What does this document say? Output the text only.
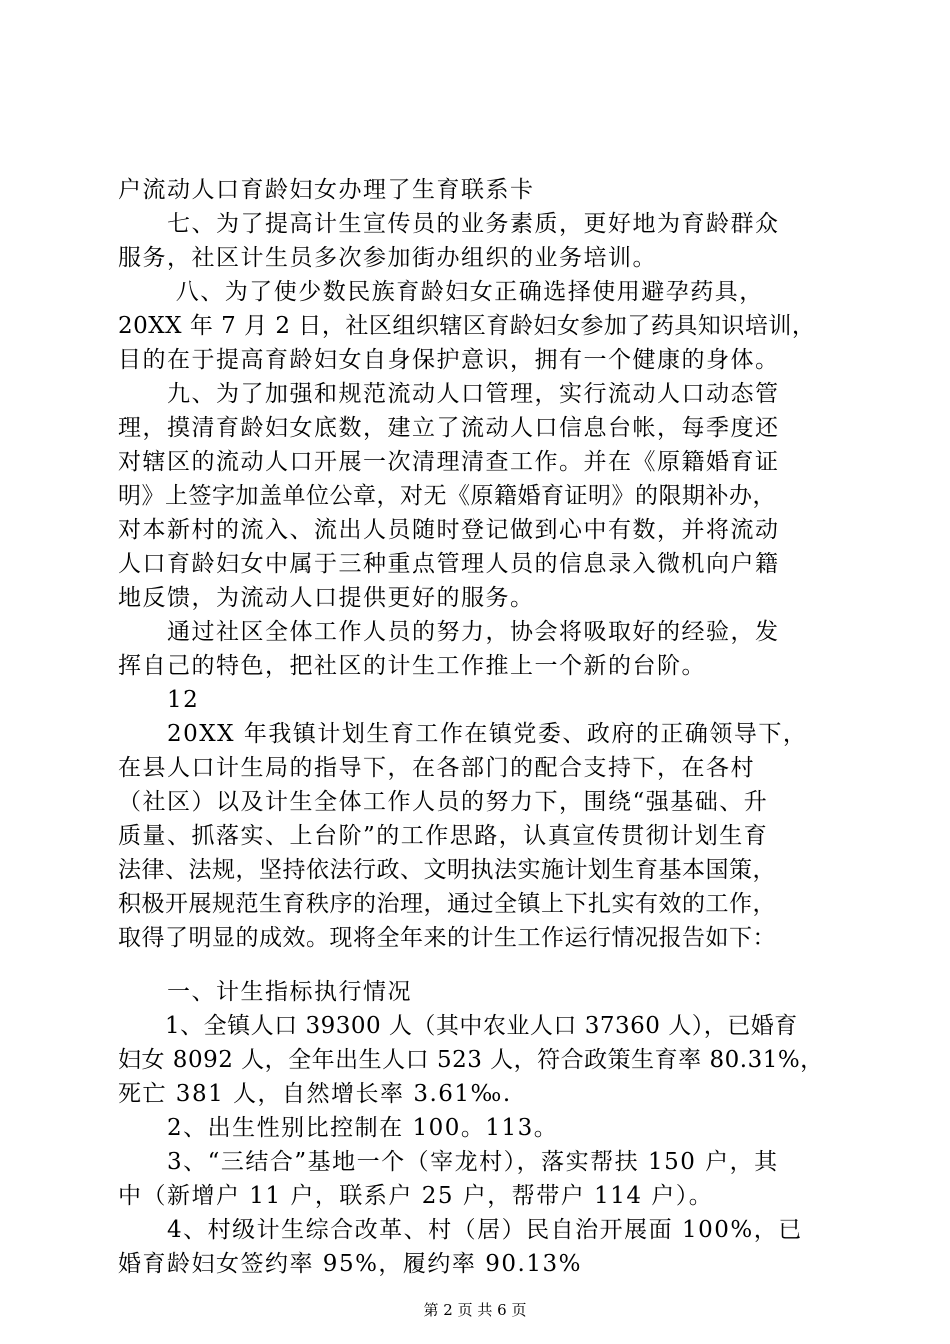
户流动人口育龄妇女办理了生育联系卡
　　七、为了提高计生宣传员的业务素质，更好地为育龄群众
服务，社区计生员多次参加街办组织的业务培训。
　　 八、为了使少数民族育龄妇女正确选择使用避孕药具，
20XX 年 7 月 2 日，社区组织辖区育龄妇女参加了药具知识培训，
目的在于提高育龄妇女自身保护意识，拥有一个健康的身体。
　　九、为了加强和规范流动人口管理，实行流动人口动态管
理，摸清育龄妇女底数，建立了流动人口信息台帐，每季度还
对辖区的流动人口开展一次清理清查工作。并在《原籍婚育证
明》上签字加盖单位公章，对无《原籍婚育证明》的限期补办，
对本新村的流入、流出人员随时登记做到心中有数，并将流动
人口育龄妇女中属于三种重点管理人员的信息录入微机向户籍
地反馈，为流动人口提供更好的服务。
　　通过社区全体工作人员的努力，协会将吸取好的经验，发
挥自己的特色，把社区的计生工作推上一个新的台阶。
　　12
　　20XX 年我镇计划生育工作在镇党委、政府的正确领导下，
在县人口计生局的指导下，在各部门的配合支持下，在各村
（社区）以及计生全体工作人员的努力下，围绕“强基础、升
质量、抓落实、上台阶”的工作思路，认真宣传贯彻计划生育
法律、法规，坚持依法行政、文明执法实施计划生育基本国策，
积极开展规范生育秩序的治理，通过全镇上下扎实有效的工作，
取得了明显的成效。现将全年来的计生工作运行情况报告如下：
　　一、计生指标执行情况
　　1、全镇人口 39300 人（其中农业人口 37360 人），已婚育
妇女 8092 人，全年出生人口 523 人，符合政策生育率 80.31%，
死亡 381 人，自然增长率 3.61‰.
　　2、出生性别比控制在 100。113。
　　3、“三结合”基地一个（宰龙村），落实帮扶 150 户，其
中（新增户 11 户，联系户 25 户，帮带户 114 户）。
　　4、村级计生综合改革、村（居）民自治开展面 100%，已
婚育龄妇女签约率 95%，履约率 90.13%
第 2 页 共 6 页
